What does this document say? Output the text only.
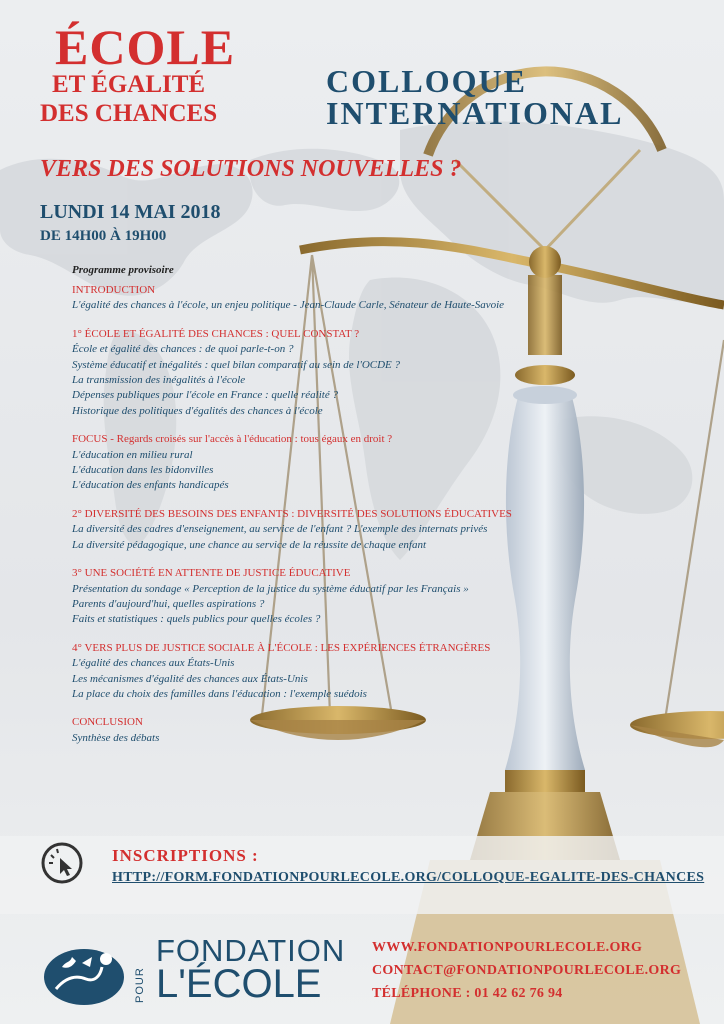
ÉCOLE
ET ÉGALITÉ
DES CHANCES
COLLOQUE
INTERNATIONAL
VERS DES SOLUTIONS NOUVELLES ?
LUNDI 14 MAI 2018
DE 14H00 À 19H00
Programme provisoire
INTRODUCTION
L'égalité des chances à l'école, un enjeu politique - Jean-Claude Carle, Sénateur de Haute-Savoie
1° ÉCOLE ET ÉGALITÉ DES CHANCES : QUEL CONSTAT ?
École et égalité des chances : de quoi parle-t-on ?
Système éducatif et inégalités : quel bilan comparatif au sein de l'OCDE ?
La transmission des inégalités à l'école
Dépenses publiques pour l'école en France : quelle réalité ?
Historique des politiques d'égalités des chances à l'école
FOCUS - Regards croisés sur l'accès à l'éducation : tous égaux en droit ?
L'éducation en milieu rural
L'éducation dans les bidonvilles
L'éducation des enfants handicapés
2° DIVERSITÉ DES BESOINS DES ENFANTS : DIVERSITÉ DES SOLUTIONS ÉDUCATIVES
La diversité des cadres d'enseignement, au service de l'enfant ? L'exemple des internats privés
La diversité pédagogique, une chance au service de la réussite de chaque enfant
3° UNE SOCIÉTÉ EN ATTENTE DE JUSTICE ÉDUCATIVE
Présentation du sondage « Perception de la justice du système éducatif par les Français »
Parents d'aujourd'hui, quelles aspirations ?
Faits et statistiques : quels publics pour quelles écoles ?
4° VERS PLUS DE JUSTICE SOCIALE À L'ÉCOLE : LES EXPÉRIENCES ÉTRANGÈRES
L'égalité des chances aux États-Unis
Les mécanismes d'égalité des chances aux États-Unis
La place du choix des familles dans l'éducation : l'exemple suédois
CONCLUSION
Synthèse des débats
INSCRIPTIONS :
HTTP://FORM.FONDATIONPOURLECOLE.ORG/COLLOQUE-EGALITE-DES-CHANCES
FONDATION
POUR L'ÉCOLE
WWW.FONDATIONPOURLECOLE.ORG
CONTACT@FONDATIONPOURLECOLE.ORG
TÉLÉPHONE : 01 42 62 76 94
